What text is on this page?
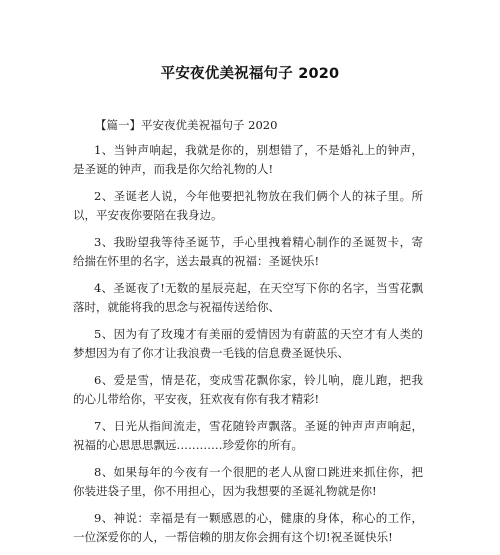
平安夜优美祝福句子 2020

【篇一】平安夜优美祝福句子 2020

1、当钟声响起，我就是你的，别想错了，不是婚礼上的钟声，是圣诞的钟声，而我是你欠给礼物的人!

2、圣诞老人说，今年他要把礼物放在我们俩个人的袜子里。所以，平安夜你要陪在我身边。

3、我盼望我等待圣诞节，手心里拽着精心制作的圣诞贺卡，寄给揣在怀里的名字，送去最真的祝福：圣诞快乐!

4、圣诞夜了!无数的星辰亮起，在天空写下你的名字，当雪花飘落时，就能将我的思念与祝福传送给你、

5、因为有了玫瑰才有美丽的爱情因为有蔚蓝的天空才有人类的梦想因为有了你才让我浪费一毛钱的信息费圣诞快乐、

6、爱是雪，情是花，变成雪花飘你家，铃儿响，鹿儿跑，把我的心儿带给你，平安夜，狂欢夜有你有我才精彩!

7、日光从指间流走，雪花随铃声飘落。圣诞的钟声声声响起，祝福的心思思思飘远…………珍爱你的所有。

8、如果每年的今夜有一个很肥的老人从窗口跳进来抓住你，把你装进袋子里，你不用担心，因为我想要的圣诞礼物就是你!

9、神说：幸福是有一颗感恩的心，健康的身体，称心的工作，一位深爱你的人，一帮信赖的朋友你会拥有这个切!祝圣诞快乐!
